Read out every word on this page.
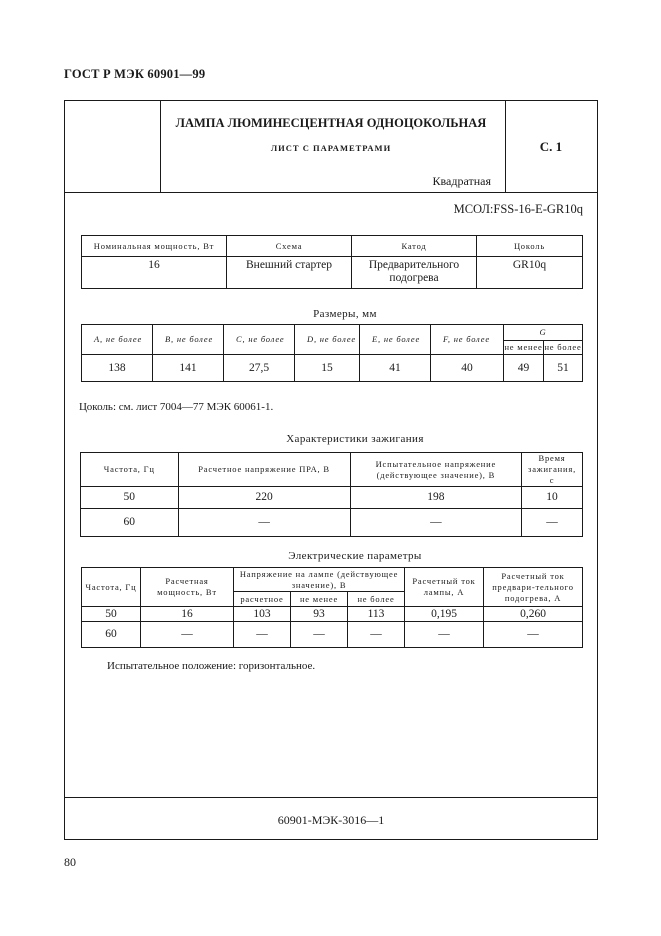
ГОСТ Р МЭК 60901—99
ЛАМПА ЛЮМИНЕСЦЕНТНАЯ ОДНОЦОКОЛЬНАЯ
ЛИСТ С ПАРАМЕТРАМИ
Квадратная
С. 1
МСОЛ:FSS-16-E-GR10q
Номинальная мощность, Вт	Схема	Катод	Цоколь
16	Внешний стартер	Предварительного подогрева	GR10q
Размеры, мм
А, не более	В, не более	С, не более	D, не более	Е, не более	F, не более	G	
						не менее	не более
138	141	27,5	15	41	40	49	51
Цоколь: см. лист 7004—77 МЭК 60061-1.
Характеристики зажигания
Частота, Гц	Расчетное напряжение ПРА, В	Испытательное напряжение (действующее значение), В	Время зажигания, с
50	220	198	10
60	—	—	—
Электрические параметры
Частота, Гц	Расчетная мощность, Вт	Напряжение на лампе (действующее значение), В			Расчетный ток лампы, А	Расчетный ток предвари-тельного подогрева, А
		расчетное	не менее	не более		
50	16	103	93	113	0,195	0,260
60	—	—	—	—	—	—
Испытательное положение: горизонтальное.
60901-МЭК-3016—1
80
